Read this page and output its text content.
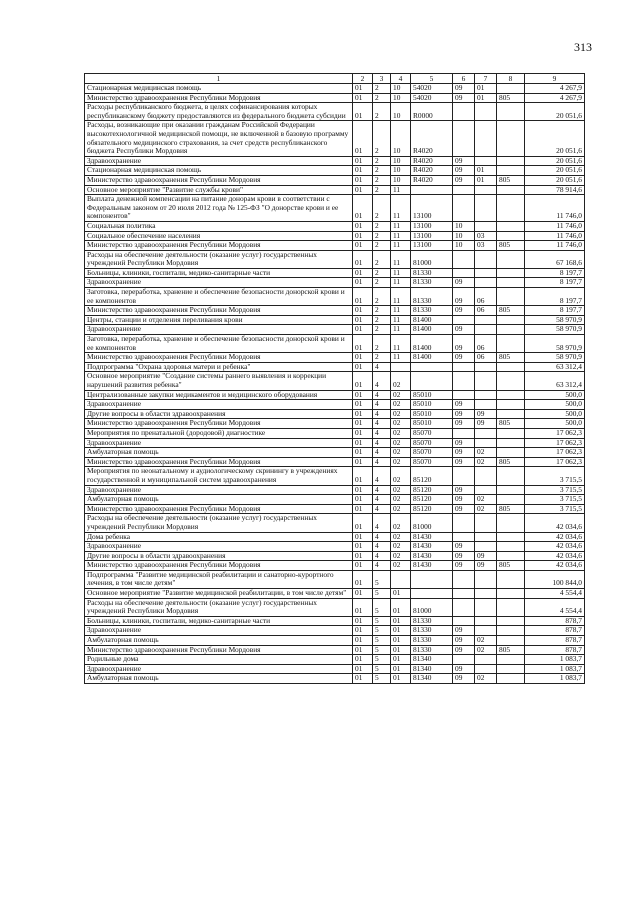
313
1	2	3	4	5	6	7	8	9
Стационарная медицинская помощь	01	2	10	54020	09	01		4 267,9
Министерство здравоохранения Республики Мордовия	01	2	10	54020	09	01	805	4 267,9
Расходы республиканского бюджета, в целях софинансирования которых республиканскому бюджету предоставляются из федерального бюджета субсидии	01	2	10	R0000				20 051,6
Расходы, возникающие при оказании гражданам Российской Федерации высокотехнологичной медицинской помощи, не включенной в базовую программу обязательного медицинского страхования, за счет средств республиканского бюджета Республики Мордовия	01	2	10	R4020				20 051,6
Здравоохранение	01	2	10	R4020	09			20 051,6
Стационарная медицинская помощь	01	2	10	R4020	09	01		20 051,6
Министерство здравоохранения Республики Мордовия	01	2	10	R4020	09	01	805	20 051,6
Основное мероприятие "Развитие службы крови"	01	2	11					78 914,6
Выплата денежной компенсации на питание донорам крови в соответствии с Федеральным законом от 20 июля 2012 года № 125-ФЗ "О донорстве крови и ее компонентов"	01	2	11	13100				11 746,0
Социальная политика	01	2	11	13100	10			11 746,0
Социальное обеспечение населения	01	2	11	13100	10	03		11 746,0
Министерство здравоохранения Республики Мордовия	01	2	11	13100	10	03	805	11 746,0
Расходы на обеспечение деятельности (оказание услуг) государственных учреждений Республики Мордовия	01	2	11	81000				67 168,6
Больницы, клиники, госпитали, медико-санитарные части	01	2	11	81330				8 197,7
Здравоохранение	01	2	11	81330	09			8 197,7
Заготовка, переработка, хранение и обеспечение безопасности донорской крови и ее компонентов	01	2	11	81330	09	06		8 197,7
Министерство здравоохранения Республики Мордовия	01	2	11	81330	09	06	805	8 197,7
Центры, станции и отделения переливания крови	01	2	11	81400				58 970,9
Здравоохранение	01	2	11	81400	09			58 970,9
Заготовка, переработка, хранение и обеспечение безопасности донорской крови и ее компонентов	01	2	11	81400	09	06		58 970,9
Министерство здравоохранения Республики Мордовия	01	2	11	81400	09	06	805	58 970,9
Подпрограмма "Охрана здоровья матери и ребенка"	01	4						63 312,4
Основное мероприятие "Создание системы раннего выявления и коррекции нарушений развития ребенка"	01	4	02					63 312,4
Централизованные закупки медикаментов и медицинского оборудования	01	4	02	85010				500,0
Здравоохранение	01	4	02	85010	09			500,0
Другие вопросы в области здравоохранения	01	4	02	85010	09	09		500,0
Министерство здравоохранения Республики Мордовия	01	4	02	85010	09	09	805	500,0
Мероприятия по пренатальной (дородовой) диагностике	01	4	02	85070				17 062,3
Здравоохранение	01	4	02	85070	09			17 062,3
Амбулаторная помощь	01	4	02	85070	09	02		17 062,3
Министерство здравоохранения Республики Мордовия	01	4	02	85070	09	02	805	17 062,3
Мероприятия по неонатальному и аудиологическому скринингу в учреждениях государственной и муниципальной систем здравоохранения	01	4	02	85120				3 715,5
Здравоохранение	01	4	02	85120	09			3 715,5
Амбулаторная помощь	01	4	02	85120	09	02		3 715,5
Министерство здравоохранения Республики Мордовия	01	4	02	85120	09	02	805	3 715,5
Расходы на обеспечение деятельности (оказание услуг) государственных учреждений Республики Мордовия	01	4	02	81000				42 034,6
Дома ребенка	01	4	02	81430				42 034,6
Здравоохранение	01	4	02	81430	09			42 034,6
Другие вопросы в области здравоохранения	01	4	02	81430	09	09		42 034,6
Министерство здравоохранения Республики Мордовия	01	4	02	81430	09	09	805	42 034,6
Подпрограмма "Развитие медицинской реабилитации и санаторно-курортного лечения, в том числе детям"	01	5						100 844,0
Основное мероприятие "Развитие медицинской реабилитации, в том числе детям"	01	5	01					4 554,4
Расходы на обеспечение деятельности (оказание услуг) государственных учреждений Республики Мордовия	01	5	01	81000				4 554,4
Больницы, клиники, госпитали, медико-санитарные части	01	5	01	81330				878,7
Здравоохранение	01	5	01	81330	09			878,7
Амбулаторная помощь	01	5	01	81330	09	02		878,7
Министерство здравоохранения Республики Мордовия	01	5	01	81330	09	02	805	878,7
Родильные дома	01	5	01	81340				1 083,7
Здравоохранение	01	5	01	81340	09			1 083,7
Амбулаторная помощь	01	5	01	81340	09	02		1 083,7
